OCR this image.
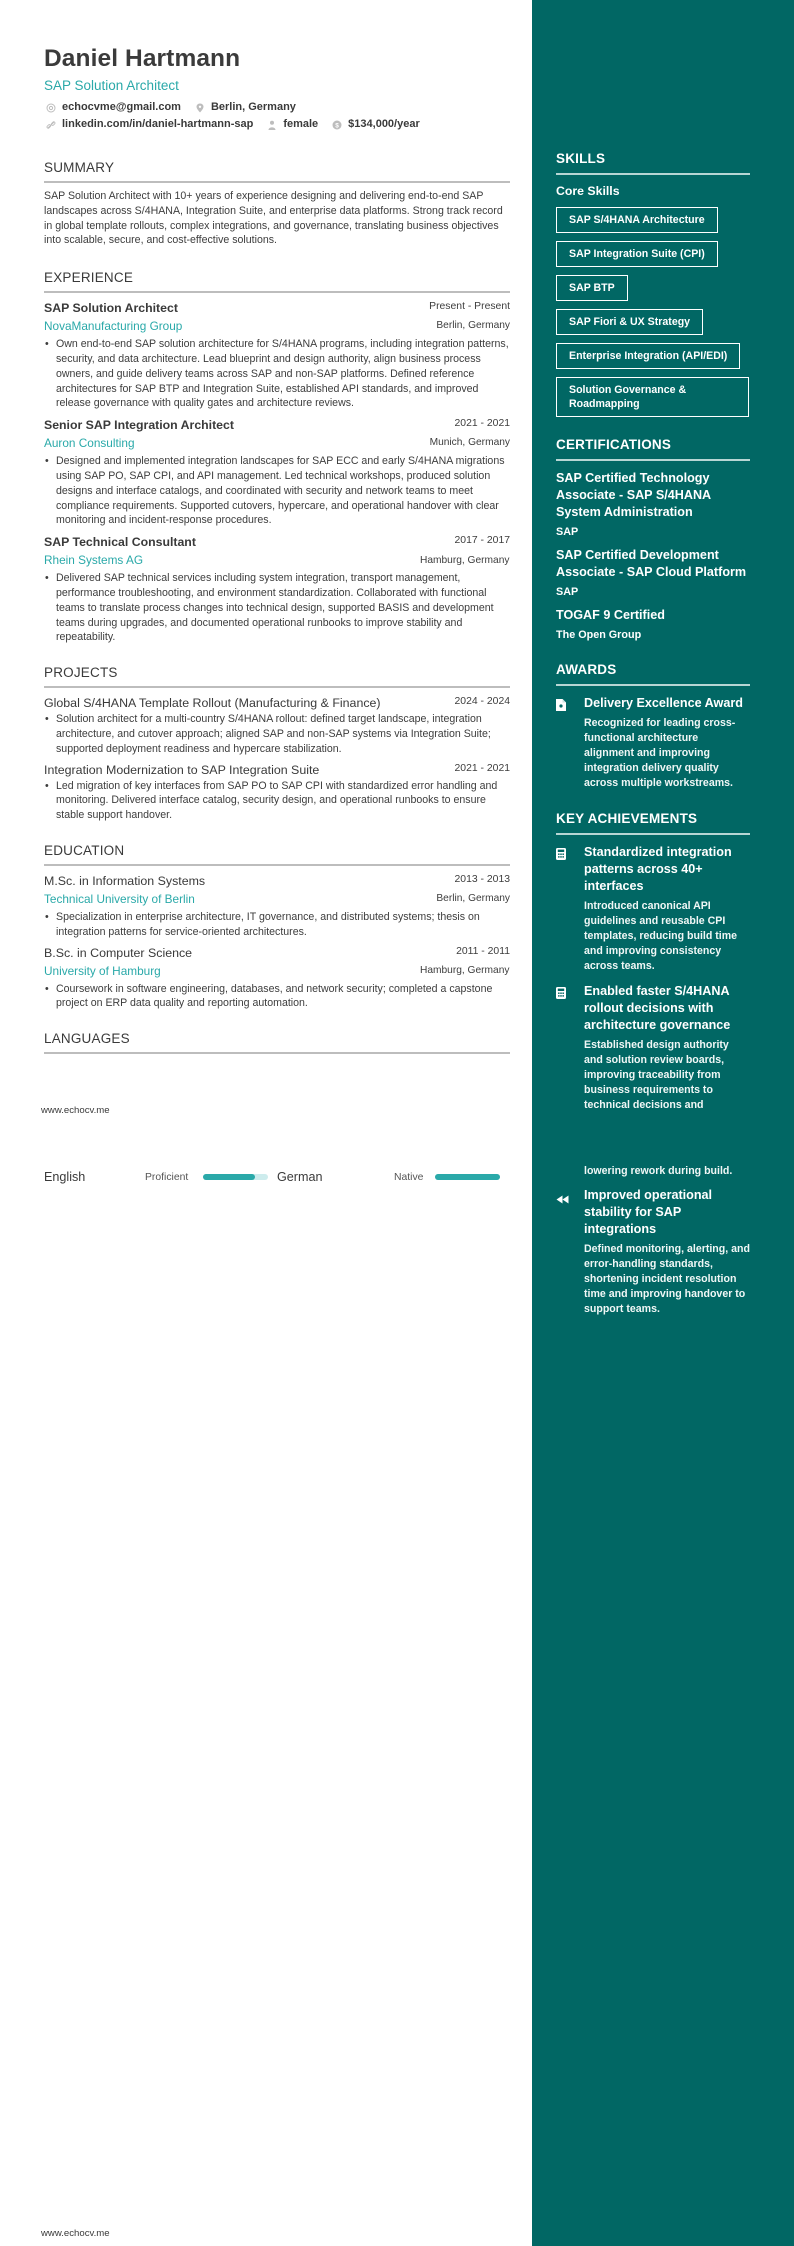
Daniel Hartmann
SAP Solution Architect
echocvme@gmail.com	Berlin, Germany
linkedin.com/in/daniel-hartmann-sap	female	$ $134,000/year
SUMMARY
SAP Solution Architect with 10+ years of experience designing and delivering end-to-end SAP landscapes across S/4HANA, Integration Suite, and enterprise data platforms. Strong track record in global template rollouts, complex integrations, and governance, translating business objectives into scalable, secure, and cost-effective solutions.
EXPERIENCE
SAP Solution Architect	Present - Present
NovaManufacturing Group	Berlin, Germany
• Own end-to-end SAP solution architecture for S/4HANA programs, including integration patterns, security, and data architecture. Lead blueprint and design authority, align business process owners, and guide delivery teams across SAP and non-SAP platforms. Defined reference architectures for SAP BTP and Integration Suite, established API standards, and improved release governance with quality gates and architecture reviews.
Senior SAP Integration Architect	2021 - 2021
Auron Consulting	Munich, Germany
• Designed and implemented integration landscapes for SAP ECC and early S/4HANA migrations using SAP PO, SAP CPI, and API management. Led technical workshops, produced solution designs and interface catalogs, and coordinated with security and network teams to meet compliance requirements. Supported cutovers, hypercare, and operational handover with clear monitoring and incident-response procedures.
SAP Technical Consultant	2017 - 2017
Rhein Systems AG	Hamburg, Germany
• Delivered SAP technical services including system integration, transport management, performance troubleshooting, and environment standardization. Collaborated with functional teams to translate process changes into technical design, supported BASIS and development teams during upgrades, and documented operational runbooks to improve stability and repeatability.
PROJECTS
Global S/4HANA Template Rollout (Manufacturing & Finance)	2024 - 2024
• Solution architect for a multi-country S/4HANA rollout: defined target landscape, integration architecture, and cutover approach; aligned SAP and non-SAP systems via Integration Suite; supported deployment readiness and hypercare stabilization.
Integration Modernization to SAP Integration Suite	2021 - 2021
• Led migration of key interfaces from SAP PO to SAP CPI with standardized error handling and monitoring. Delivered interface catalog, security design, and operational runbooks to ensure stable support handover.
EDUCATION
M.Sc. in Information Systems	2013 - 2013
Technical University of Berlin	Berlin, Germany
• Specialization in enterprise architecture, IT governance, and distributed systems; thesis on integration patterns for service-oriented architectures.
B.Sc. in Computer Science	2011 - 2011
University of Hamburg	Hamburg, Germany
• Coursework in software engineering, databases, and network security; completed a capstone project on ERP data quality and reporting automation.
LANGUAGES
www.echocv.me
English	Proficient	German	Native
www.echocv.me
SKILLS
Core Skills
SAP S/4HANA Architecture
SAP Integration Suite (CPI)
SAP BTP
SAP Fiori & UX Strategy
Enterprise Integration (API/EDI)
Solution Governance & Roadmapping
CERTIFICATIONS
SAP Certified Technology Associate - SAP S/4HANA System Administration
SAP
SAP Certified Development Associate - SAP Cloud Platform
SAP
TOGAF 9 Certified
The Open Group
AWARDS
Delivery Excellence Award
Recognized for leading cross-functional architecture alignment and improving integration delivery quality across multiple workstreams.
KEY ACHIEVEMENTS
Standardized integration patterns across 40+ interfaces
Introduced canonical API guidelines and reusable CPI templates, reducing build time and improving consistency across teams.
Enabled faster S/4HANA rollout decisions with architecture governance
Established design authority and solution review boards, improving traceability from business requirements to technical decisions and
lowering rework during build.
Improved operational stability for SAP integrations
Defined monitoring, alerting, and error-handling standards, shortening incident resolution time and improving handover to support teams.
